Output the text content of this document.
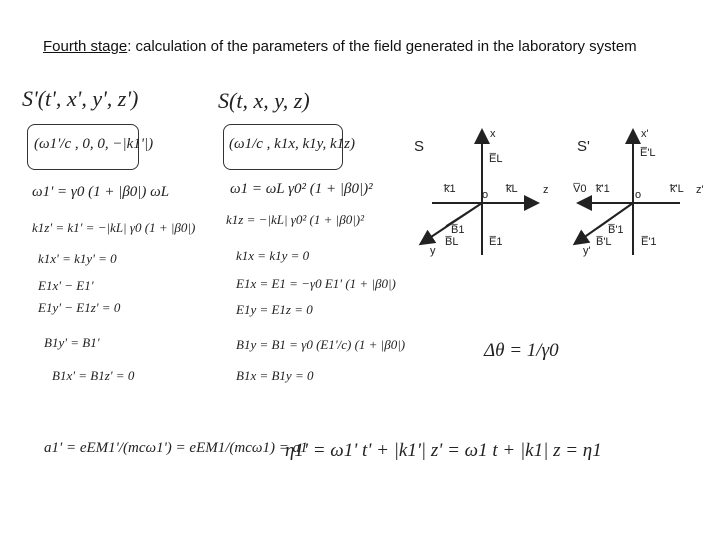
Fourth stage: calculation of the parameters of the field generated in the laboratory system
S'(t', x', y', z')	S(t, x, y, z)
(ω1'/c , 0, 0, −|k1'|)	(ω1/c , k1x, k1y, k1z)
ω1' = γ0 (1 + |β0|) ωL
k1z' = k1' = −|kL| γ0 (1 + |β0|)
k1x' = k1y' = 0
E1x' − E1'
E1y' − E1z' = 0
B1y' = B1'
B1x' = B1z' = 0
ω1 = ωL γ0² (1 + |β0|)²
k1z = −|kL| γ0² (1 + |β0|)²
k1x = k1y = 0
E1x = E1 = −γ0 E1' (1 + |β0|)
E1y = E1z = 0
B1y = B1 = γ0 (E1'/c) (1 + |β0|)
B1x = B1y = 0
Δθ = 1/γ0
a1' = eEM1'/(mcω1') = eEM1/(mcω1) = a1
η1' = ω1' t' + |k1'| z' = ω1 t + |k1| z = η1
S
x
E̅L
k̅1 o k̅L z
B̅1
B̅L	E̅1
y
S'
x'
E̅'L
V̅0 k̅'1 o	k̅'L z'
B̅'1
B̅'L	E̅'1
y'
